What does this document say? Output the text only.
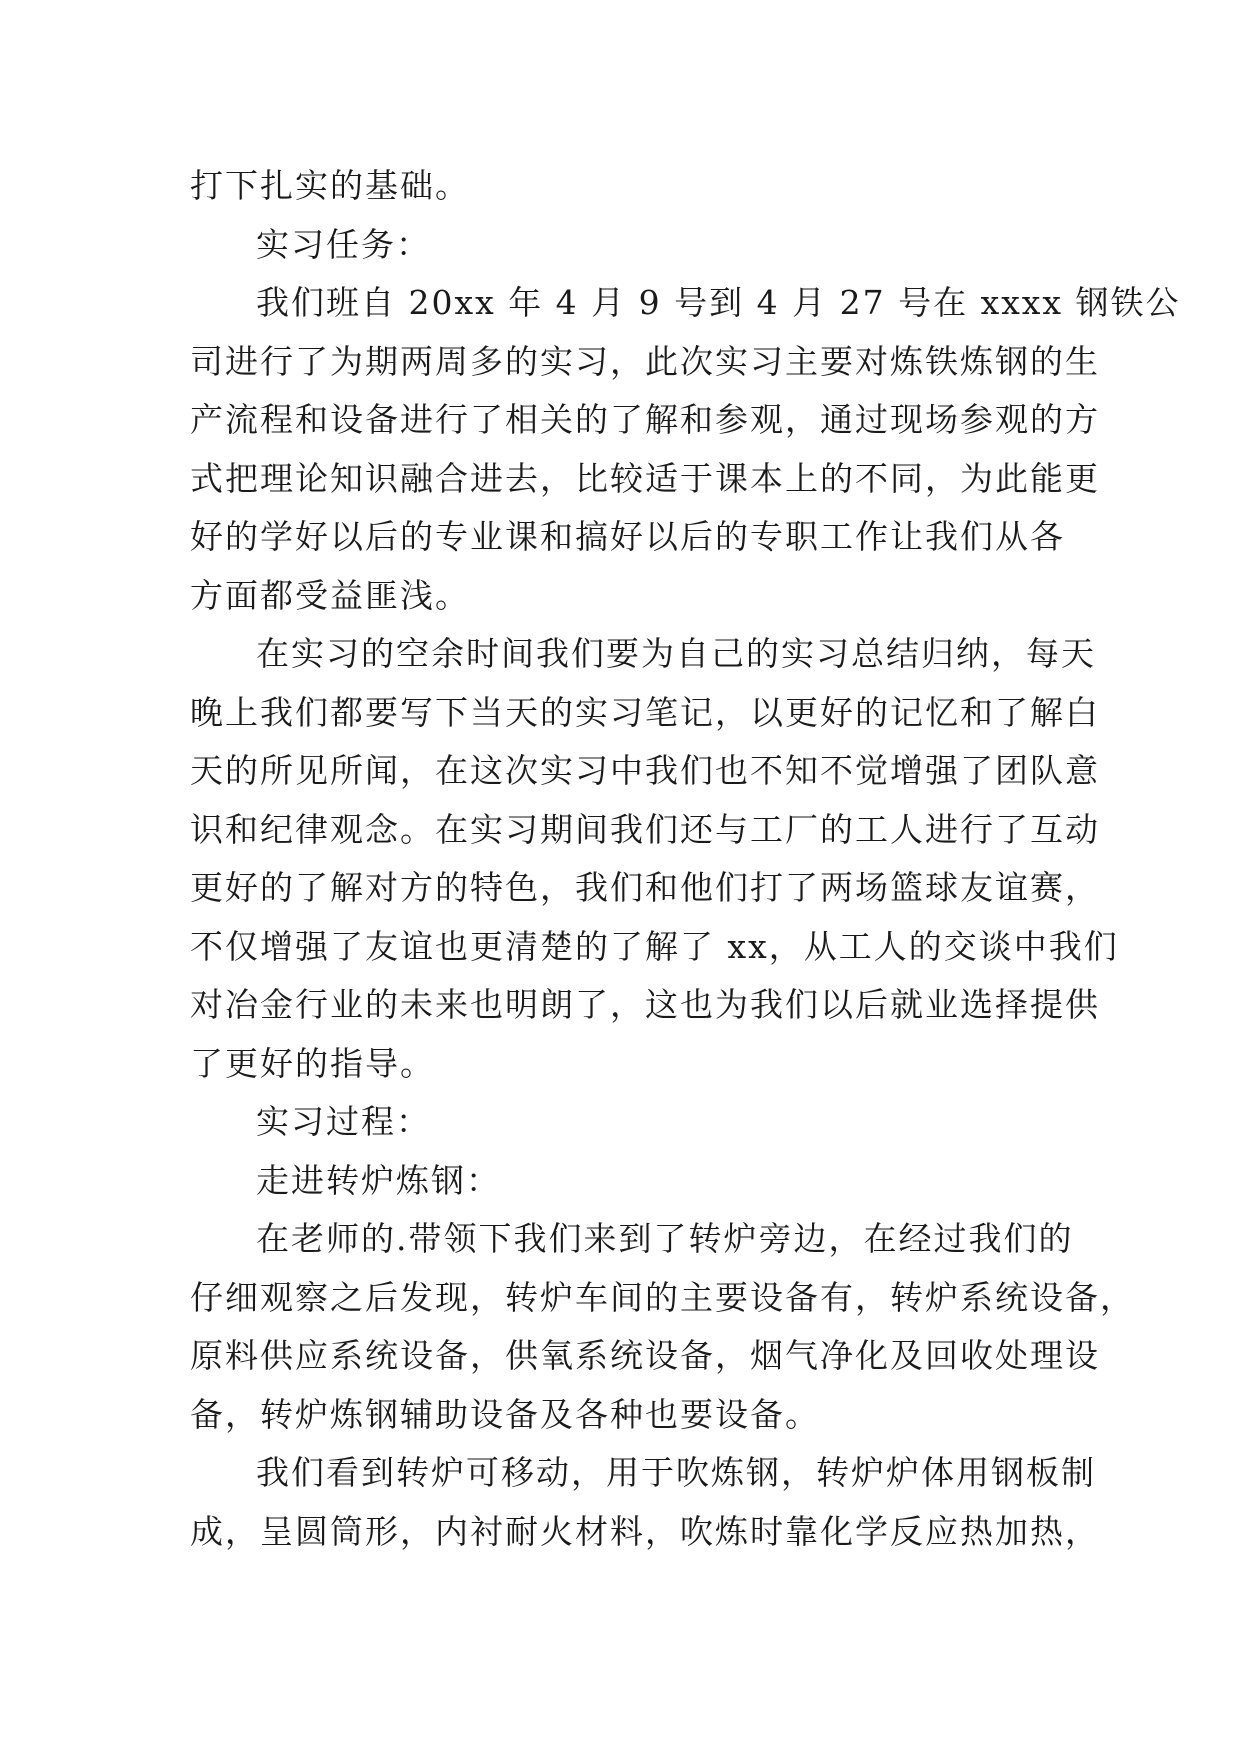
打下扎实的基础。
实习任务：
我们班自 20xx 年 4 月 9 号到 4 月 27 号在 xxxx 钢铁公
司进行了为期两周多的实习，此次实习主要对炼铁炼钢的生
产流程和设备进行了相关的了解和参观，通过现场参观的方
式把理论知识融合进去，比较适于课本上的不同，为此能更
好的学好以后的专业课和搞好以后的专职工作让我们从各
方面都受益匪浅。
在实习的空余时间我们要为自己的实习总结归纳，每天
晚上我们都要写下当天的实习笔记，以更好的记忆和了解白
天的所见所闻，在这次实习中我们也不知不觉增强了团队意
识和纪律观念。在实习期间我们还与工厂的工人进行了互动
更好的了解对方的特色，我们和他们打了两场篮球友谊赛，
不仅增强了友谊也更清楚的了解了 xx，从工人的交谈中我们
对冶金行业的未来也明朗了，这也为我们以后就业选择提供
了更好的指导。
实习过程：
走进转炉炼钢：
在老师的.带领下我们来到了转炉旁边，在经过我们的
仔细观察之后发现，转炉车间的主要设备有，转炉系统设备，
原料供应系统设备，供氧系统设备，烟气净化及回收处理设
备，转炉炼钢辅助设备及各种也要设备。
我们看到转炉可移动，用于吹炼钢，转炉炉体用钢板制
成，呈圆筒形，内衬耐火材料，吹炼时靠化学反应热加热，
